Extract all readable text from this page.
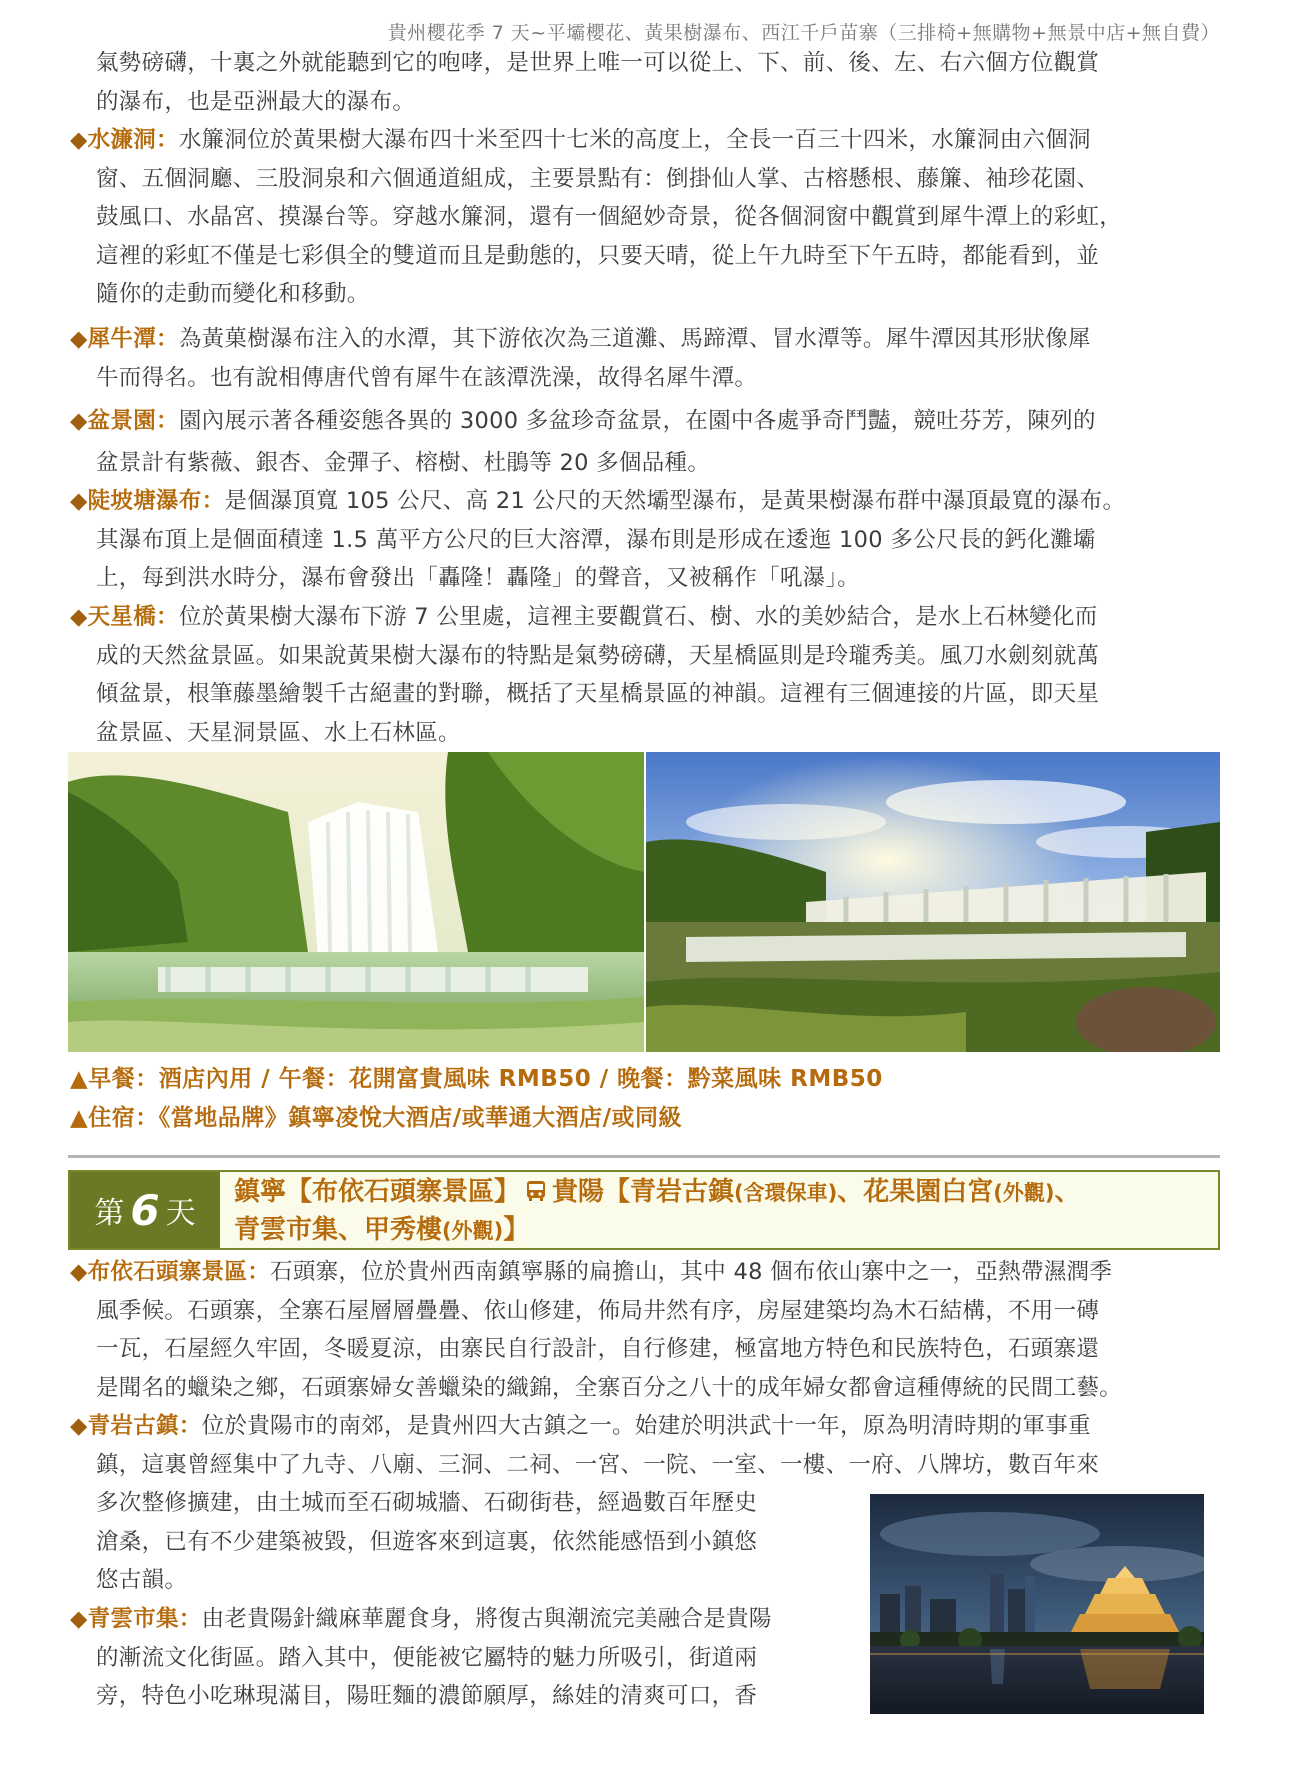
貴州櫻花季 7 天~平壩櫻花、黃果樹瀑布、西江千戶苗寨（三排椅+無購物+無景中店+無自費）
氣勢磅礴，十裏之外就能聽到它的咆哮，是世界上唯一可以從上、下、前、後、左、右六個方位觀賞
的瀑布，也是亞洲最大的瀑布。
◆水濂洞：水簾洞位於黃果樹大瀑布四十米至四十七米的高度上，全長一百三十四米，水簾洞由六個洞
窗、五個洞廳、三股洞泉和六個通道組成，主要景點有：倒掛仙人掌、古榕懸根、藤簾、袖珍花園、
鼓風口、水晶宮、摸瀑台等。穿越水簾洞，還有一個絕妙奇景，從各個洞窗中觀賞到犀牛潭上的彩虹，
這裡的彩虹不僅是七彩俱全的雙道而且是動態的，只要天晴，從上午九時至下午五時，都能看到，並
隨你的走動而變化和移動。
◆犀牛潭：為黃菓樹瀑布注入的水潭，其下游依次為三道灘、馬蹄潭、冒水潭等。犀牛潭因其形狀像犀
牛而得名。也有說相傳唐代曾有犀牛在該潭洗澡，故得名犀牛潭。
◆盆景園：園內展示著各種姿態各異的 3000 多盆珍奇盆景，在園中各處爭奇鬥豔，競吐芬芳，陳列的
盆景計有紫薇、銀杏、金彈子、榕樹、杜鵑等 20 多個品種。
◆陡坡塘瀑布：是個瀑頂寬 105 公尺、高 21 公尺的天然壩型瀑布，是黃果樹瀑布群中瀑頂最寬的瀑布。
其瀑布頂上是個面積達 1.5 萬平方公尺的巨大溶潭，瀑布則是形成在逶迤 100 多公尺長的鈣化灘壩
上，每到洪水時分，瀑布會發出「轟隆！轟隆」的聲音，又被稱作「吼瀑」。
◆天星橋：位於黃果樹大瀑布下游 7 公里處，這裡主要觀賞石、樹、水的美妙結合，是水上石林變化而
成的天然盆景區。如果說黃果樹大瀑布的特點是氣勢磅礴，天星橋區則是玲瓏秀美。風刀水劍刻就萬
傾盆景，根筆藤墨繪製千古絕畫的對聯，概括了天星橋景區的神韻。這裡有三個連接的片區，即天星
盆景區、天星洞景區、水上石林區。
▲早餐：酒店內用 / 午餐：花開富貴風味 RMB50 / 晚餐：黔菜風味 RMB50
▲住宿：《當地品牌》鎮寧凌悅大酒店/或華通大酒店/或同級
第 6 天
鎮寧【布依石頭寨景區】 貴陽【青岩古鎮(含環保車)、花果園白宮(外觀)、
青雲市集、甲秀樓(外觀)】
◆布依石頭寨景區：石頭寨，位於貴州西南鎮寧縣的扁擔山，其中 48 個布依山寨中之一，亞熱帶濕潤季
風季候。石頭寨，全寨石屋層層疊疊、依山修建，佈局井然有序，房屋建築均為木石結構，不用一磚
一瓦，石屋經久牢固，冬暖夏涼，由寨民自行設計，自行修建，極富地方特色和民族特色，石頭寨還
是聞名的蠟染之鄉，石頭寨婦女善蠟染的織錦，全寨百分之八十的成年婦女都會這種傳統的民間工藝。
◆青岩古鎮：位於貴陽市的南郊，是貴州四大古鎮之一。始建於明洪武十一年，原為明清時期的軍事重
鎮，這裏曾經集中了九寺、八廟、三洞、二祠、一宮、一院、一室、一樓、一府、八牌坊，數百年來
多次整修擴建，由土城而至石砌城牆、石砌街巷，經過數百年歷史
滄桑，已有不少建築被毀，但遊客來到這裏，依然能感悟到小鎮悠
悠古韻。
◆青雲市集：由老貴陽針織麻華麗食身，將復古與潮流完美融合是貴陽
的漸流文化街區。踏入其中，便能被它屬特的魅力所吸引，街道兩
旁，特色小吃琳現滿目，陽旺麵的濃節願厚，絲娃的清爽可口，香
